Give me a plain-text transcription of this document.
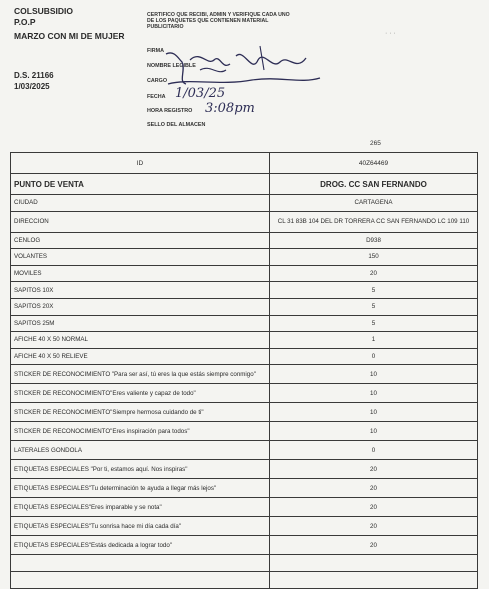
COLSUBSIDIO
P.O.P
MARZO CON MI DE MUJER
D.S. 21166
1/03/2025
CERTIFICO QUE RECIBI, ADMIN Y VERIFIQUE CADA UNO DE LOS PAQUETES QUE CONTIENEN MATERIAL PUBLICITARIO
FIRMA
NOMBRE LEGIBLE
CARGO
FECHA
HORA REGISTRO
SELLO DEL ALMACEN
1/03/25
3:08pm
· · ·
265
ID	40Z64469
PUNTO DE VENTA	DROG. CC SAN FERNANDO
CIUDAD	CARTAGENA
DIRECCION	CL 31 83B 104 DEL DR TORRERA CC SAN FERNANDO LC 109 110
CENLOG	D938
VOLANTES	150
MOVILES	20
SAPITOS 10X	5
SAPITOS 20X	5
SAPITOS 25M	5
AFICHE 40 X 50 NORMAL	1
AFICHE 40 X 50 RELIEVE	0
STICKER DE RECONOCIMIENTO "Para ser así, tú eres la que estás siempre conmigo"	10
STICKER DE RECONOCIMIENTO"Eres valiente y capaz de todo"	10
STICKER DE RECONOCIMIENTO"Siempre hermosa cuidando de ti"	10
STICKER DE RECONOCIMIENTO"Eres inspiración para todos"	10
LATERALES GONDOLA	0
ETIQUETAS ESPECIALES "Por ti, estamos aquí. Nos inspiras"	20
ETIQUETAS ESPECIALES"Tu determinación te ayuda a llegar más lejos"	20
ETIQUETAS ESPECIALES"Eres imparable y se nota"	20
ETIQUETAS ESPECIALES"Tu sonrisa hace mi día cada día"	20
ETIQUETAS ESPECIALES"Estás dedicada a lograr todo"	20
